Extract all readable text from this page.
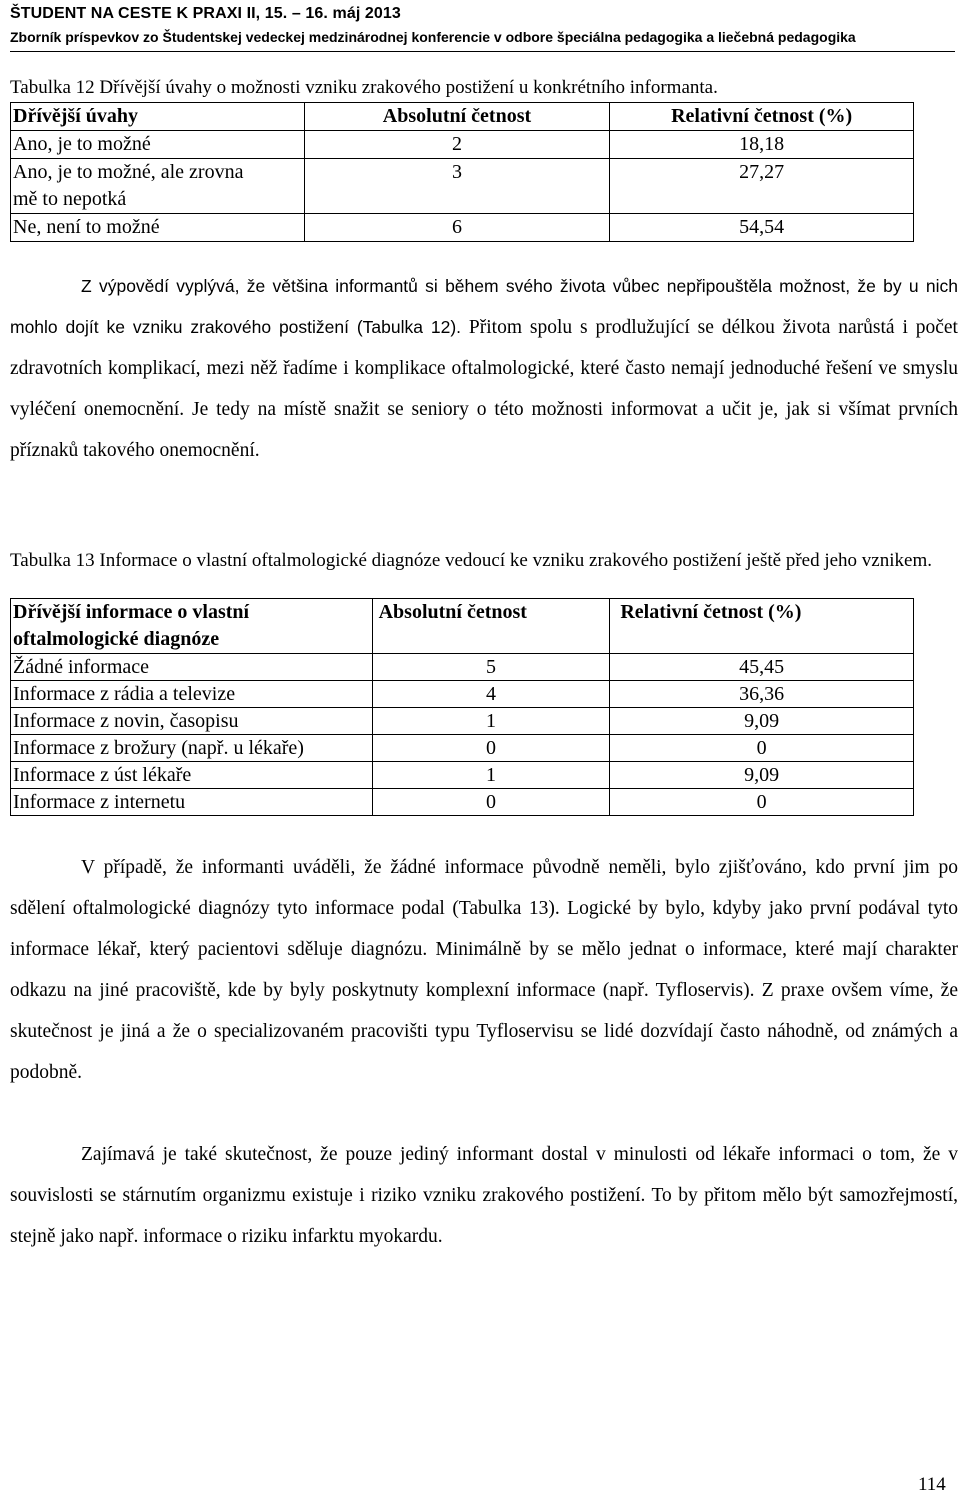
ŠTUDENT NA CESTE K PRAXI II, 15. – 16. máj 2013
Zborník príspevkov zo Študentskej vedeckej medzinárodnej konferencie v odbore špeciálna pedagogika a liečebná pedagogika
Tabulka 12 Dřívější úvahy o možnosti vzniku zrakového postižení u konkrétního informanta.
Dřívější úvahy	Absolutní četnost	Relativní četnost (%)
Ano, je to možné	2	18,18

Ano, je to možné, ale zrovna
mě to nepotká	3	27,27
Ne, není to možné	6	54,54

Z výpovědí vyplývá, že většina informantů si během svého života vůbec nepřipouštěla možnost, že by u nich mohlo dojít ke vzniku zrakového postižení (Tabulka 12). Přitom spolu s prodlužující se délkou života narůstá i počet zdravotních komplikací, mezi něž řadíme i komplikace oftalmologické, které často nemají jednoduché řešení ve smyslu vyléčení onemocnění. Je tedy na místě snažit se seniory o této možnosti informovat a učit je, jak si všímat prvních příznaků takového onemocnění.

Tabulka 13 Informace o vlastní oftalmologické diagnóze vedoucí ke vzniku zrakového postižení ještě před jeho vznikem.
Dřívější informace o vlastní oftalmologické diagnóze	Absolutní četnost	Relativní četnost (%)
Žádné informace	5	45,45
Informace z rádia a televize	4	36,36
Informace z novin, časopisu	1	9,09
Informace z brožury (např. u lékaře)	0	0
Informace z úst lékaře	1	9,09
Informace z internetu	0	0

V případě, že informanti uváděli, že žádné informace původně neměli, bylo zjišťováno, kdo první jim po sdělení oftalmologické diagnózy tyto informace podal (Tabulka 13). Logické by bylo, kdyby jako první podával tyto informace lékař, který pacientovi sděluje diagnózu. Minimálně by se mělo jednat o informace, které mají charakter odkazu na jiné pracoviště, kde by byly poskytnuty komplexní informace (např. Tyfloservis). Z praxe ovšem víme, že skutečnost je jiná a že o specializovaném pracovišti typu Tyfloservisu se lidé dozvídají často náhodně, od známých a podobně.

Zajímavá je také skutečnost, že pouze jediný informant dostal v minulosti od lékaře informaci o tom, že v souvislosti se stárnutím organizmu existuje i riziko vzniku zrakového postižení. To by přitom mělo být samozřejmostí, stejně jako např. informace o riziku infarktu myokardu.

114
